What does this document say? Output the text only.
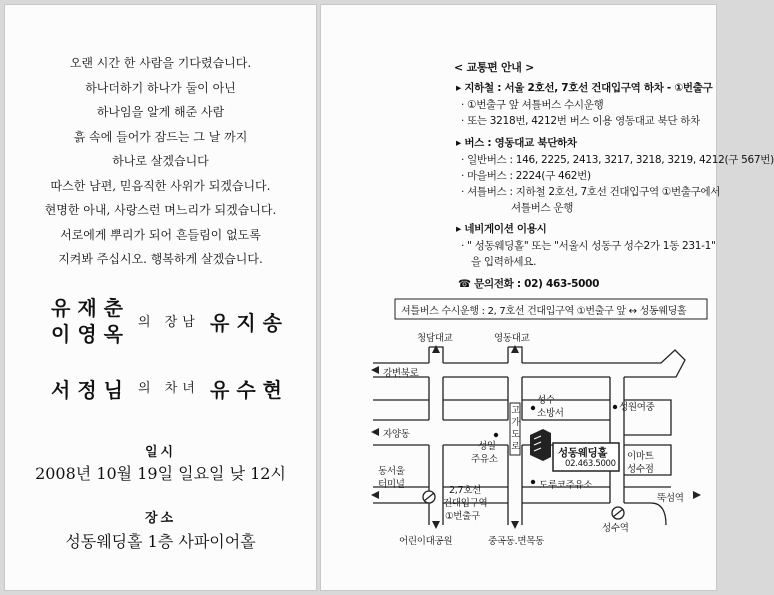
오랜 시간 한 사람을 기다렸습니다.
하나더하기 하나가 둘이 아닌
하나임을 알게 해준 사람
흙 속에 들어가 잠드는 그 날 까지
하나로 살겠습니다
따스한 남편, 믿음직한 사위가 되겠습니다.
현명한 아내, 사랑스런 며느리가 되겠습니다.
서로에게 뿌리가 되어 흔들림이 없도록
지켜봐 주십시오. 행복하게 살겠습니다.
유재춘
이영옥 의 장남 유지송
서정님 의 차녀 유수현
일시
2008년 10월 19일 일요일 낮 12시
장소
성동웨딩홀 1층 사파이어홀
< 교통편 안내 >
▸ 지하철 : 서울 2호선, 7호선 건대입구역 하차 - ①번출구
· ①번출구 앞 셔틀버스 수시운행
· 또는 3218번, 4212번 버스 이용 영동대교 북단 하차
▸ 버스 : 영동대교 북단하차
· 일반버스 : 146, 2225, 2413, 3217, 3218, 3219, 4212(구 567번)
· 마을버스 : 2224(구 462번)
· 셔틀버스 : 지하철 2호선, 7호선 건대입구역 ①번출구에서
셔틀버스 운행
▸ 네비게이션 이용시
· " 성동웨딩홀" 또는 "서울시 성동구 성수2가 1동 231-1"
을 입력하세요.
☎ 문의전화 : 02) 463-5000
셔틀버스 수시운행 : 2, 7호선 건대입구역 ①번출구 앞 ↔ 성동웨딩홀
청담대교	영동대교
강변북로
자양동
동서울
터미널
2,7호선
건대입구역
①번출구
어린이대공원	중곡동.면목동
성수
소방서
성일
주유소
고가도로	성동웨딩홀
02.463.5000
성원여중
이마트
성수점
도루코주유소
성수역
뚝섬역
